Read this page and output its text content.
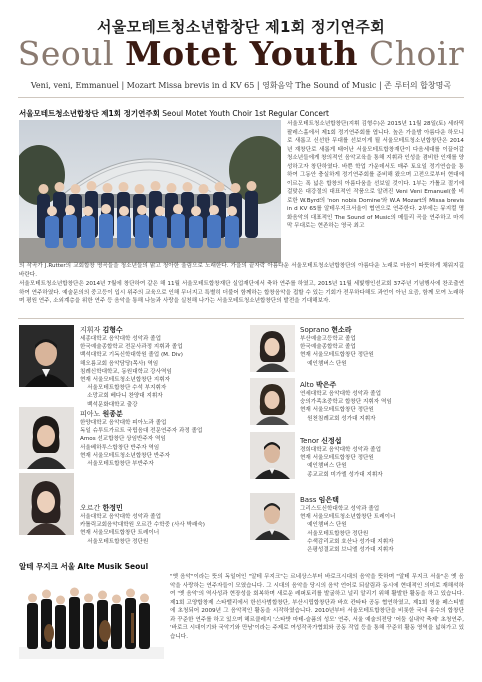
서울모테트청소년합창단 제1회 정기연주회
Seoul Motet Youth Choir
Veni, veni, Emmanuel | Mozart Missa brevis in d KV 65 | 영화음악 The Sound of Music | 존 루터의 합창명곡
서울모테트청소년합창단 제1회 정기연주회 Seoul Motet Youth Choir 1st Regular Concert
서울모테트청소년합창단(지휘 김형수)은 2015년 11월 28일(토) 세라믹팔레스홀에서 제1회 정기연주회를 엽니다. 높은 가을밤 아름다운 하모니로 새롭고 신선한 무대를 선보이게 될 서울모테트청소년합창단은 2014년 재창단로 새롭게 태어난 서울모테트합창재단이 다음세대를 이끌어갈 청소년들에게 창의적인 음악교육을 통해 지휘과 인성을 겸비한 인재를 양성하고자 창단하였다. 바쁜 학업 가운데서도 매주 토요일 정기연습을 통하여 그동안 충실하게 정기연주회를 준비해 왔으며 고전으로부터 현대에 이르는 폭 넓은 합창의 아름다움을 선보일 것이다. 1부는 가톨교 절기에 걸맞은 대강절의 대표적인 작품으로 알려진 Veni Veni Emanuel(볼 비 로한 W.Byrd의 'non nobis Domine'와 W.A Mozart의 Missa brevis in d KV 65를 알테우지크서울이 협연으로 연주한다. 2부에는 뮤지컬 명화음악의 대표적인 The Sound of Music의 메들리 곡을 연주하고 마지막 무대로는 현존하는 영국 최고
의 작곡가 J.Rutter의 교회합창 명곡들을 청소년들의 맑고 청아한 울림으로 노래한다. 가을의 끝자락 아름다운 서울모테트청소년합창단의 아름다운 노래로 마음이 따뜻하게 채워지길 바란다.
서울모테트청소년합창단은 2014년 7월에 창단하여 같은 해 11월 서울모테트합창재단 실업재단에서 축하 연주를 하였고, 2015년 11월 세빛행인선교회 37주년 기념행사에 찬조출연하여 연주하였다. 예술문의의 중고등이 입시 위주의 교육으로 인해 무너지고 특별히 더불어 함께하는 합창음악을 접할 수 있는 기회가 전무하다해도 과언이 아닌 요즘, 함께 모여 노래하며 평원 연주, 소외계층을 위한 연주 등 음악을 통해 나눔과 사랑을 실천해 나가는 서울모테트청소년합창단의 발전을 기대해보자.
지휘자 김형수
세종대학교 음악대학 성악과 졸업
한국예술종합학교 전문사과정 지휘과 졸업
백석대학교 기독신학대학원 졸업 (M. Div)
해오름교회 음악담당(목사) 역임
침례신학대학교, 동원대학교 강사역임
현재 서울모테트청소년합창단 지휘자
서울모테트합창단 수석 부지휘자
소망교회 베다니 찬양대 지휘자
백석문화대학교 출강
피아노 원종분
한양대학교 음악대학 피아노과 졸업
독일 슈투트가르트 국립음대 전문연주자 과정 졸업
Amos 선교합창단 상임반주자 역임
서울베하투스합창단 반주자 역임
현재 서울모테트청소년합창단 반주자
서울모테트합창단 부반주자
오르간 한정민
서울대학교 음악대학 성악과 졸업
카톨릭교회음악대학원 오르간 수학중 (사사 박래숙)
현재 서울모테트합창단 트레이너
서울모테트합창단 정단원
Soprano 현소라
부산예술고등학교 졸업
한국예술종합학교 졸업
현재 서울모테트합창단 정단원
예인챔버스 단원
Alto 박은주
연세대학교 음악대학 성악과 졸업
숭의가족초중학교 합창단 지휘자 역임
현재 서울모테트합창단 정단원
원천침례교회 성가대 지휘자
Tenor 신정섭
경희대학교 음악대학 성악과 졸업
현재 서울모테트합창단 정단원
예인챔버스 단원
종교교회 미가엘 성가대 지휘자
Bass 임은택
그리스도신학대학교 성악과 졸업
현재 서울모테트청소년합창단 트레이너
예인챔버스 단원
서울모테트합창단 정단원
수색감리교회 호산나 성가대 지휘자
은평성결교회 브니엘 성가대 지휘자
알테 무지크 서울 Alte Musik Seoul
"옛 음악"이라는 뜻의 독일어인 "알테 무지크"는 르네상스부터 바로크시대의 음악을 뜻하며 "알테 무지크 서울"은 옛 음악을 사랑하는 연주자들이 모였습니다. 그 시대의 음악을 당시의 음악 언어로 되살림과 동시에 현대적인 의미로 재해석하여 '옛 음악'의 역사성과 현장성을 회복하며 새로운 레퍼토리를 발굴하고 널리 알리기 위해 활발한 활동을 하고 있습니다. 제1회 고양합창제 스타밸리에서 한선사범합창단, 부산시립합창단과 바흐 칸타타 공동 협연하였고, 제1회 영울 페스티벌에 초청되어 2009년 그 음악적인 활동을 시작하였습니다. 2010년부터 서울모테트합창단을 비롯한 국내 유수의 합창단과 꾸준한 연주를 하고 있으며 헤르클레지 '스타밧 마테-슬픔의 성모' 연주, 서울 예술의전당 '어둠 실내악 축제' 초청연주, '바로크 시대이기와 국악기와 만남'이라는 주제로 여성작곡가협회와 공동 작업 등을 통해 꾸준히 활동 영역을 넓혀가고 있습니다.
